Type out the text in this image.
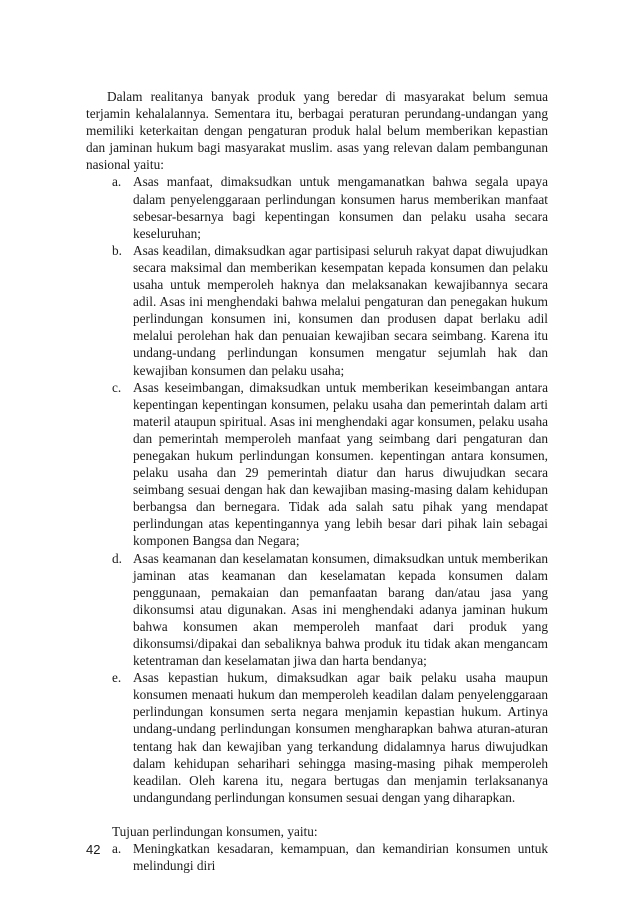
Dalam realitanya banyak produk yang beredar di masyarakat belum semua terjamin kehalalannya. Sementara itu, berbagai peraturan perundang-undangan yang memiliki keterkaitan dengan pengaturan produk halal belum memberikan kepastian dan jaminan hukum bagi masyarakat muslim. asas yang relevan dalam pembangunan nasional yaitu:

a. Asas manfaat, dimaksudkan untuk mengamanatkan bahwa segala upaya dalam penyelenggaraan perlindungan konsumen harus memberikan manfaat sebesar-besarnya bagi kepentingan konsumen dan pelaku usaha secara keseluruhan;
b. Asas keadilan, dimaksudkan agar partisipasi seluruh rakyat dapat diwujudkan secara maksimal dan memberikan kesempatan kepada konsumen dan pelaku usaha untuk memperoleh haknya dan melaksanakan kewajibannya secara adil. Asas ini menghendaki bahwa melalui pengaturan dan penegakan hukum perlindungan konsumen ini, konsumen dan produsen dapat berlaku adil melalui perolehan hak dan penuaian kewajiban secara seimbang. Karena itu undang-undang perlindungan konsumen mengatur sejumlah hak dan kewajiban konsumen dan pelaku usaha;
c. Asas keseimbangan, dimaksudkan untuk memberikan keseimbangan antara kepentingan kepentingan konsumen, pelaku usaha dan pemerintah dalam arti materil ataupun spiritual. Asas ini menghendaki agar konsumen, pelaku usaha dan pemerintah memperoleh manfaat yang seimbang dari pengaturan dan penegakan hukum perlindungan konsumen. kepentingan antara konsumen, pelaku usaha dan 29 pemerintah diatur dan harus diwujudkan secara seimbang sesuai dengan hak dan kewajiban masing-masing dalam kehidupan berbangsa dan bernegara. Tidak ada salah satu pihak yang mendapat perlindungan atas kepentingannya yang lebih besar dari pihak lain sebagai komponen Bangsa dan Negara;
d. Asas keamanan dan keselamatan konsumen, dimaksudkan untuk memberikan jaminan atas keamanan dan keselamatan kepada konsumen dalam penggunaan, pemakaian dan pemanfaatan barang dan/atau jasa yang dikonsumsi atau digunakan. Asas ini menghendaki adanya jaminan hukum bahwa konsumen akan memperoleh manfaat dari produk yang dikonsumsi/dipakai dan sebaliknya bahwa produk itu tidak akan mengancam ketentraman dan keselamatan jiwa dan harta bendanya;
e. Asas kepastian hukum, dimaksudkan agar baik pelaku usaha maupun konsumen menaati hukum dan memperoleh keadilan dalam penyelenggaraan perlindungan konsumen serta negara menjamin kepastian hukum. Artinya undang-undang perlindungan konsumen mengharapkan bahwa aturan-aturan tentang hak dan kewajiban yang terkandung didalamnya harus diwujudkan dalam kehidupan seharihari sehingga masing-masing pihak memperoleh keadilan. Oleh karena itu, negara bertugas dan menjamin terlaksananya undangundang perlindungan konsumen sesuai dengan yang diharapkan.

Tujuan perlindungan konsumen, yaitu:

a. Meningkatkan kesadaran, kemampuan, dan kemandirian konsumen untuk melindungi diri
42
